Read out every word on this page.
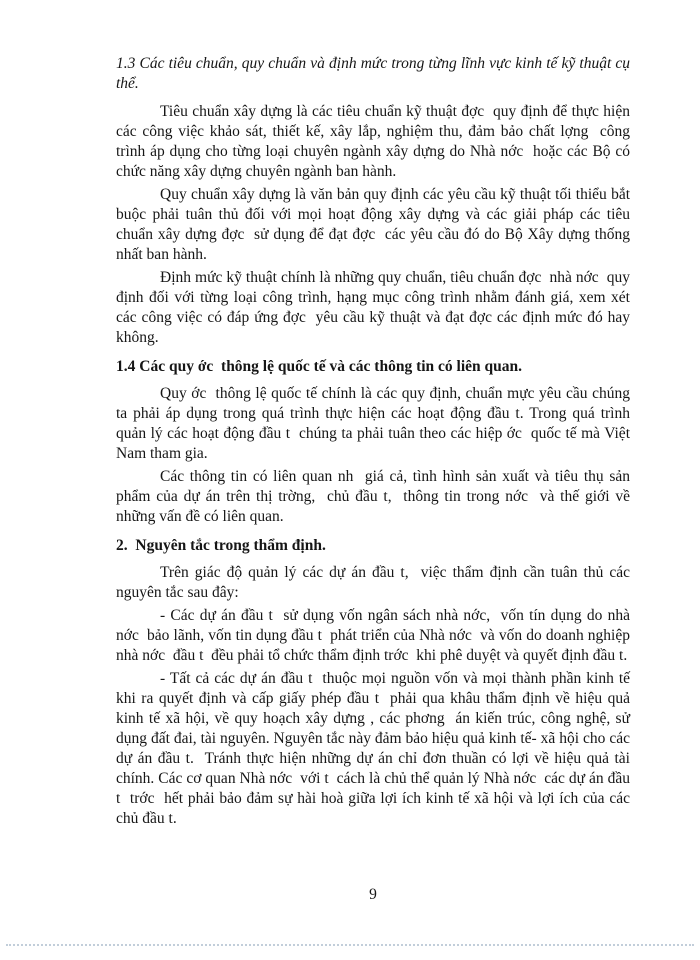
1.3 Các tiêu chuẩn, quy chuẩn và định mức trong từng lĩnh vực kinh tế kỹ thuật cụ thể.

Tiêu chuẩn xây dựng là các tiêu chuẩn kỹ thuật đợc  quy định để thực hiện các công việc khảo sát, thiết kế, xây lắp, nghiệm thu, đảm bảo chất lợng  công trình áp dụng cho từng loại chuyên ngành xây dựng do Nhà nớc  hoặc các Bộ có chức năng xây dựng chuyên ngành ban hành.

Quy chuẩn xây dựng là văn bản quy định các yêu cầu kỹ thuật tối thiểu bắt buộc phải tuân thủ đối với mọi hoạt động xây dựng và các giải pháp các tiêu chuẩn xây dựng đợc  sử dụng để đạt đợc  các yêu cầu đó do Bộ Xây dựng thống nhất ban hành.

Định mức kỹ thuật chính là những quy chuẩn, tiêu chuẩn đợc  nhà nớc  quy định đối với từng loại công trình, hạng mục công trình nhằm đánh giá, xem xét các công việc có đáp ứng đợc  yêu cầu kỹ thuật và đạt đợc các định mức đó hay không.

1.4 Các quy ớc  thông lệ quốc tế và các thông tin có liên quan.

Quy ớc  thông lệ quốc tế chính là các quy định, chuẩn mực yêu cầu chúng ta phải áp dụng trong quá trình thực hiện các hoạt động đầu t. Trong quá trình quản lý các hoạt động đầu t  chúng ta phải tuân theo các hiệp ớc  quốc tế mà Việt Nam tham gia.

Các thông tin có liên quan nh  giá cả, tình hình sản xuất và tiêu thụ sản phẩm của dự án trên thị trờng,  chủ đầu t,  thông tin trong nớc  và thế giới về những vấn đề có liên quan.

2.  Nguyên tắc trong thẩm định.

Trên giác độ quản lý các dự án đầu t,  việc thẩm định cần tuân thủ các nguyên tắc sau đây:

- Các dự án đầu t  sử dụng vốn ngân sách nhà nớc,  vốn tín dụng do nhà nớc  bảo lãnh, vốn tin dụng đầu t  phát triển của Nhà nớc  và vốn do doanh nghiệp nhà nớc  đầu t  đều phải tổ chức thẩm định trớc  khi phê duyệt và quyết định đầu t.

- Tất cả các dự án đầu t  thuộc mọi nguồn vốn và mọi thành phần kinh tế khi ra quyết định và cấp giấy phép đầu t  phải qua khâu thẩm định về hiệu quả kinh tế xã hội, về quy hoạch xây dựng , các phơng  án kiến trúc, công nghệ, sử dụng đất đai, tài nguyên. Nguyên tắc này đảm bảo hiệu quả kinh tế- xã hội cho các dự án đầu t.  Tránh thực hiện những dự án chỉ đơn thuần có lợi về hiệu quả tài chính. Các cơ quan Nhà nớc  với t  cách là chủ thể quản lý Nhà nớc  các dự án đầu t  trớc  hết phải bảo đảm sự hài hoà giữa lợi ích kinh tế xã hội và lợi ích của các chủ đầu t.

9
